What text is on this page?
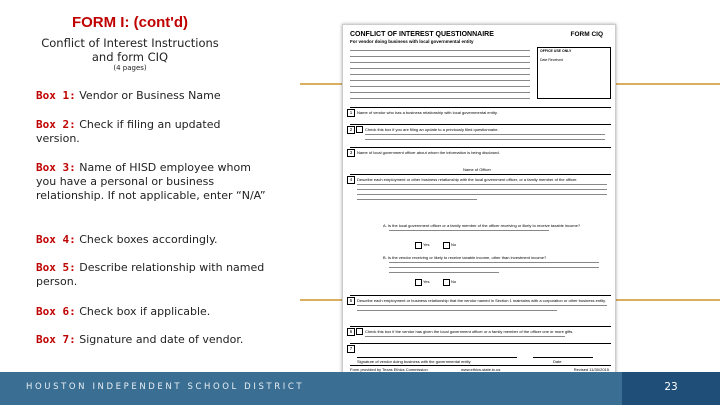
FORM I: (cont'd)
Conflict of Interest Instructions and form CIQ
(4 pages)
Box 1: Vendor or Business Name
Box 2: Check if filing an updated version.
Box 3: Name of HISD employee whom you have a personal or business relationship. If not applicable, enter “N/A”
Box 4: Check boxes accordingly.
Box 5: Describe relationship with named person.
Box 6: Check box if applicable.
Box 7: Signature and date of vendor.
CONFLICT OF INTEREST QUESTIONNAIRE
For vendor doing business with local governmental entity
FORM CIQ
OFFICE USE ONLY
Date Received
1	Name of vendor who has a business relationship with local governmental entity.
2	Check this box if you are filing an update to a previously filed questionnaire.
3	Name of local government officer about whom the information is being disclosed.
Name of Officer
4	Describe each employment or other business relationship with the local government officer, or a family member of the officer.
A. Is the local government officer or a family member of the officer receiving or likely to receive taxable income?
Yes	No
B. Is the vendor receiving or likely to receive taxable income, other than investment income?
Yes	No
5	Describe each employment or business relationship that the vendor named in Section 1 maintains with a corporation or other business entity.
6	Check this box if the vendor has given the local government officer or a family member of the officer one or more gifts.
7
Signature of vendor doing business with the governmental entity	Date
Form provided by Texas Ethics Commission	www.ethics.state.tx.us	Revised 11/30/2015
HOUSTON INDEPENDENT SCHOOL DISTRICT	23
